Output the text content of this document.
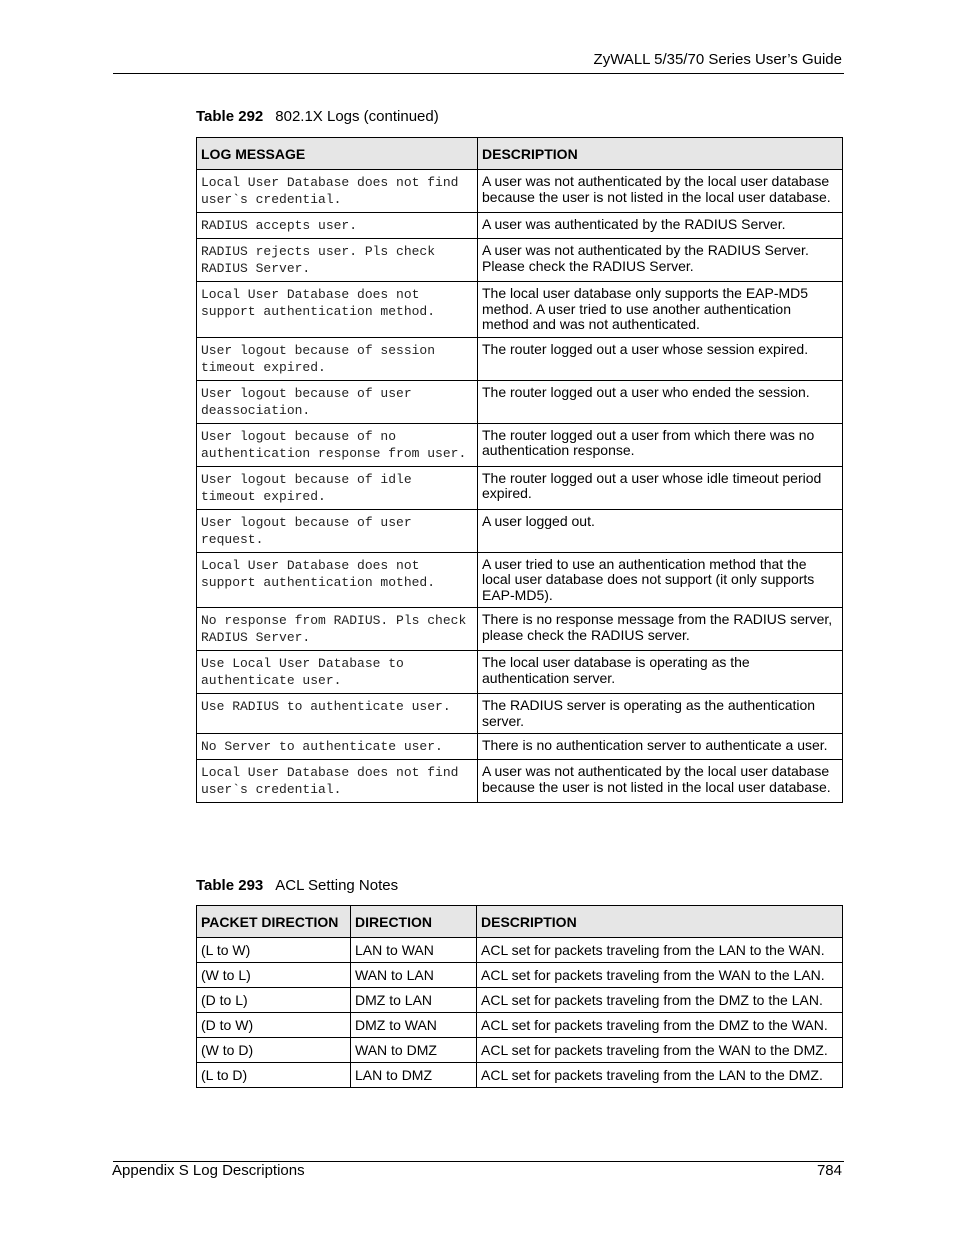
ZyWALL 5/35/70 Series User’s Guide
Table 292 802.1X Logs (continued)
LOG MESSAGE	DESCRIPTION
Local User Database does not find user`s credential.	A user was not authenticated by the local user database because the user is not listed in the local user database.
RADIUS accepts user.	A user was authenticated by the RADIUS Server.
RADIUS rejects user. Pls check RADIUS Server.	A user was not authenticated by the RADIUS Server. Please check the RADIUS Server.
Local User Database does not support authentication method.	The local user database only supports the EAP-MD5 method. A user tried to use another authentication method and was not authenticated.
User logout because of session timeout expired.	The router logged out a user whose session expired.
User logout because of user deassociation.	The router logged out a user who ended the session.
User logout because of no authentication response from user.	The router logged out a user from which there was no authentication response.
User logout because of idle timeout expired.	The router logged out a user whose idle timeout period expired.
User logout because of user request.	A user logged out.
Local User Database does not support authentication mothed.	A user tried to use an authentication method that the local user database does not support (it only supports EAP-MD5).
No response from RADIUS. Pls check RADIUS Server.	There is no response message from the RADIUS server, please check the RADIUS server.
Use Local User Database to authenticate user.	The local user database is operating as the authentication server.
Use RADIUS to authenticate user.	The RADIUS server is operating as the authentication server.
No Server to authenticate user.	There is no authentication server to authenticate a user.
Local User Database does not find user`s credential.	A user was not authenticated by the local user database because the user is not listed in the local user database.
Table 293 ACL Setting Notes
PACKET DIRECTION	DIRECTION	DESCRIPTION
(L to W)	LAN to WAN	ACL set for packets traveling from the LAN to the WAN.
(W to L)	WAN to LAN	ACL set for packets traveling from the WAN to the LAN.
(D to L)	DMZ to LAN	ACL set for packets traveling from the DMZ to the LAN.
(D to W)	DMZ to WAN	ACL set for packets traveling from the DMZ to the WAN.
(W to D)	WAN to DMZ	ACL set for packets traveling from the WAN to the DMZ.
(L to D)	LAN to DMZ	ACL set for packets traveling from the LAN to the DMZ.
Appendix S Log Descriptions	784
